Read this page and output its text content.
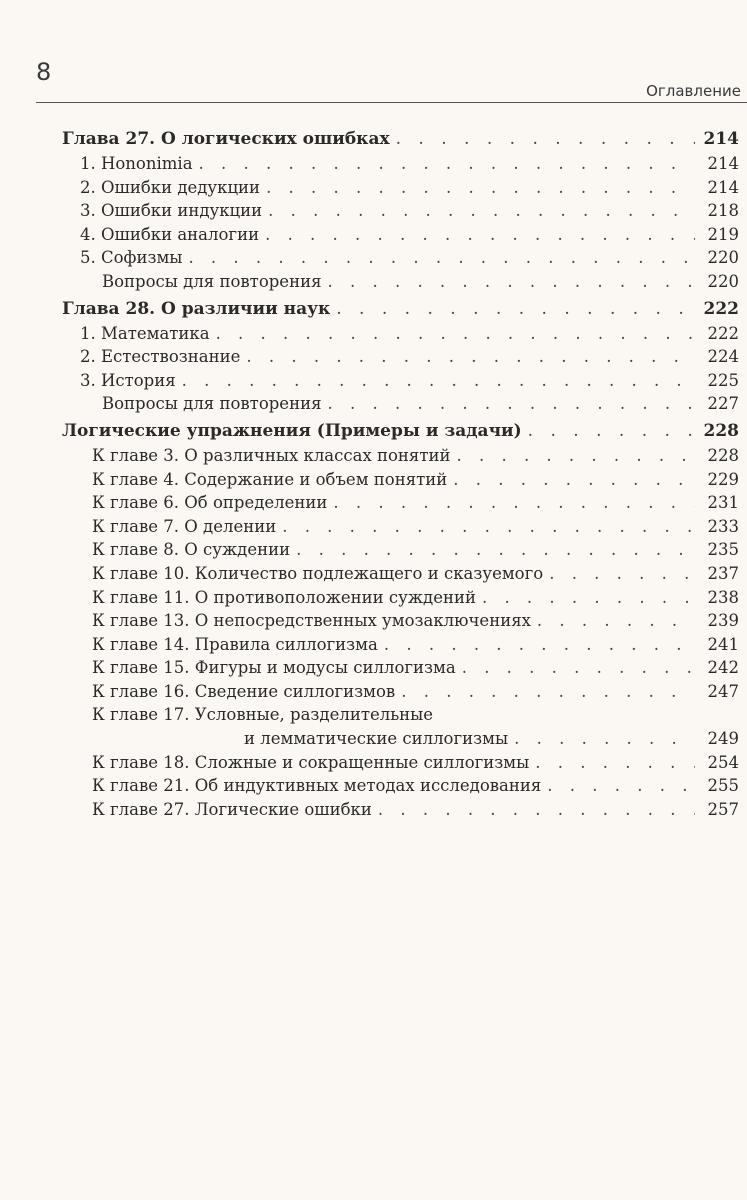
8
Оглавление
Глава 27. О логических ошибках . . .	214
1. Hononimia . . .	214
2. Ошибки дедукции . . .	214
3. Ошибки индукции . . .	218
4. Ошибки аналогии . . .	219
5. Софизмы . . .	220
Вопросы для повторения . . .	220
Глава 28. О различии наук . . .	222
1. Математика . . .	222
2. Естествознание . . .	224
3. История . . .	225
Вопросы для повторения . . .	227
Логические упражнения (Примеры и задачи) . . .	228
К главе 3. О различных классах понятий . . .	228
К главе 4. Содержание и объем понятий . . .	229
К главе 6. Об определении . . .	231
К главе 7. О делении . . .	233
К главе 8. О суждении . . .	235
К главе 10. Количество подлежащего и сказуемого . . .	237
К главе 11. О противоположении суждений . . .	238
К главе 13. О непосредственных умозаключениях . . .	239
К главе 14. Правила силлогизма . . .	241
К главе 15. Фигуры и модусы силлогизма . . .	242
К главе 16. Сведение силлогизмов . . .	247
К главе 17. Условные, разделительные
и лемматические силлогизмы . . .	249
К главе 18. Сложные и сокращенные силлогизмы . . .	254
К главе 21. Об индуктивных методах исследования . . .	255
К главе 27. Логические ошибки . . .	257
